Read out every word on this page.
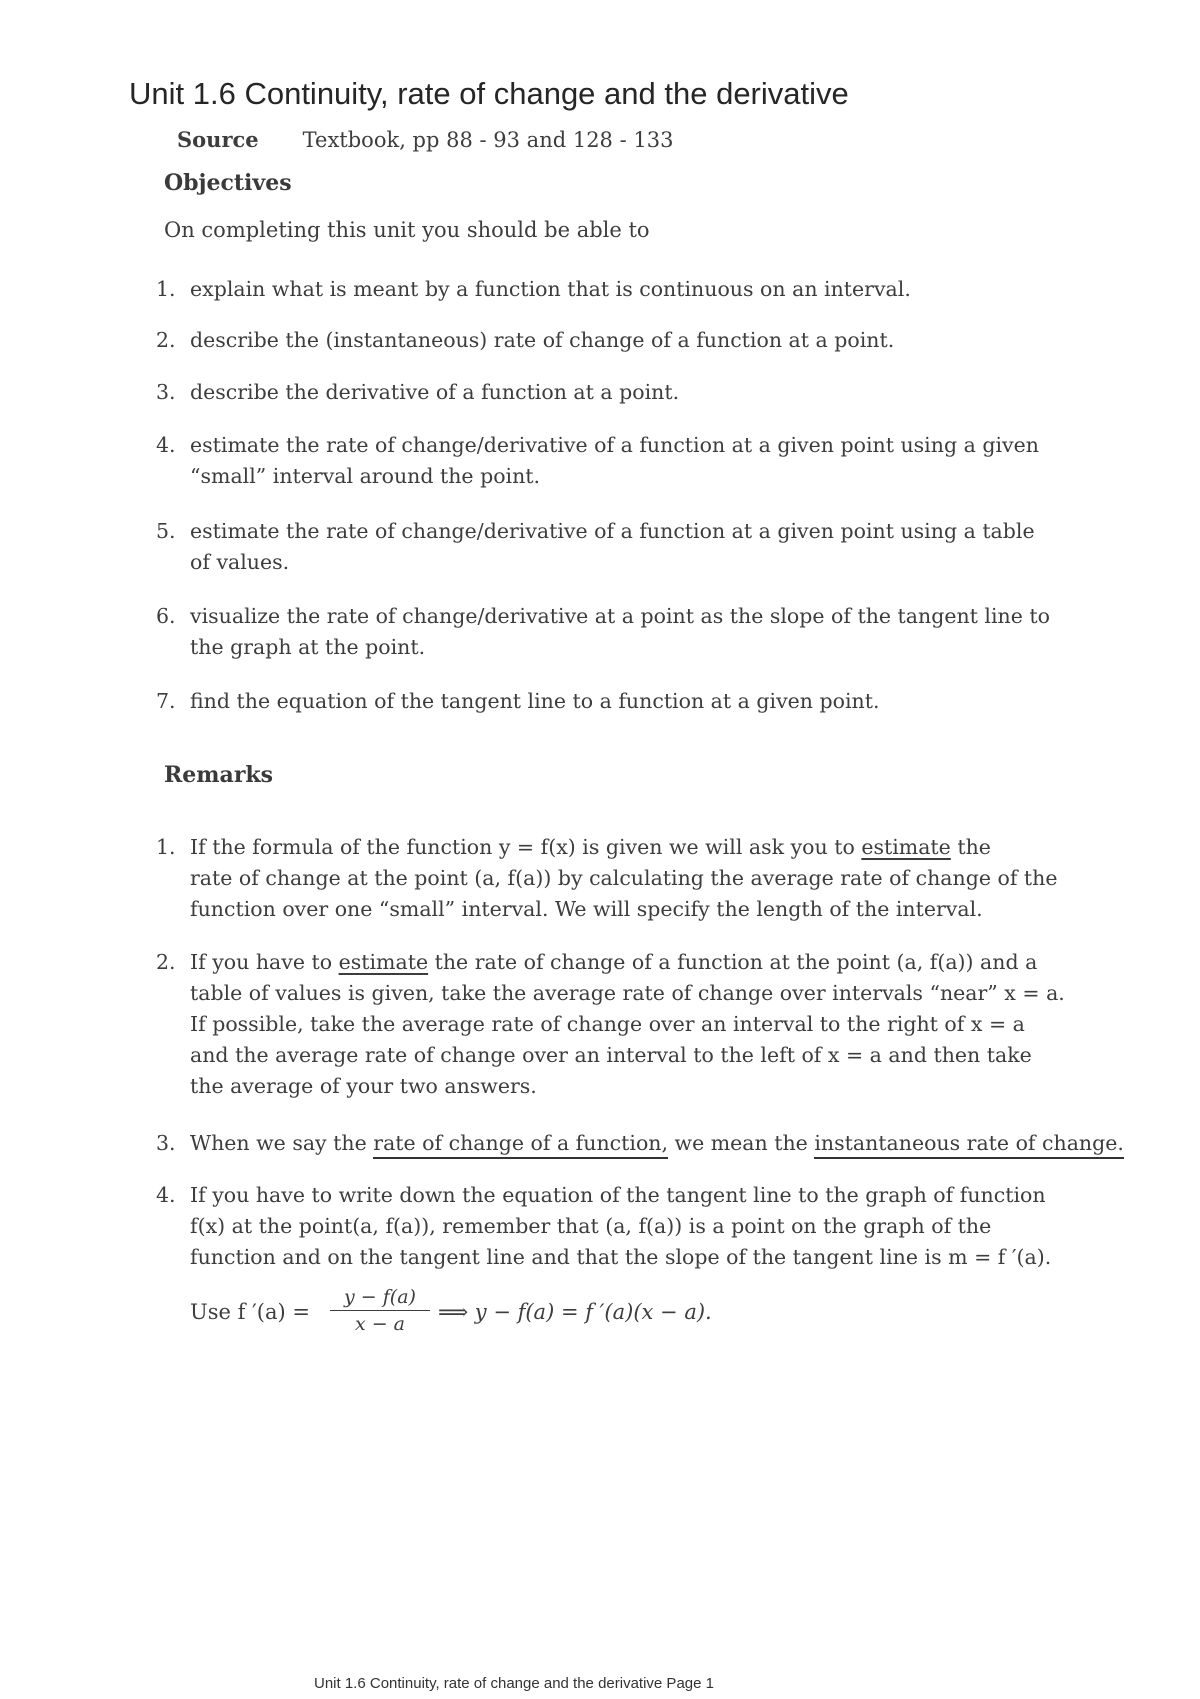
Unit 1.6 Continuity, rate of change and the derivative
Source Textbook, pp 88 - 93 and 128 - 133
Objectives
On completing this unit you should be able to
1. explain what is meant by a function that is continuous on an interval.
2. describe the (instantaneous) rate of change of a function at a point.
3. describe the derivative of a function at a point.
4. estimate the rate of change/derivative of a function at a given point using a given
“small” interval around the point.
5. estimate the rate of change/derivative of a function at a given point using a table
of values.
6. visualize the rate of change/derivative at a point as the slope of the tangent line to
the graph at the point.
7. find the equation of the tangent line to a function at a given point.
Remarks
1. If the formula of the function y = f(x) is given we will ask you to estimate the
rate of change at the point (a, f(a)) by calculating the average rate of change of the
function over one “small” interval. We will specify the length of the interval.
2. If you have to estimate the rate of change of a function at the point (a, f(a)) and a
table of values is given, take the average rate of change over intervals “near” x = a.
If possible, take the average rate of change over an interval to the right of x = a
and the average rate of change over an interval to the left of x = a and then take
the average of your two answers.
3. When we say the rate of change of a function, we mean the instantaneous rate of change.
4. If you have to write down the equation of the tangent line to the graph of function
f(x) at the point(a, f(a)), remember that (a, f(a)) is a point on the graph of the
function and on the tangent line and that the slope of the tangent line is m = f ′(a).
Use f $'(a) = \frac{y - f(a)}{x - a}$ ⟹ y − f(a) = f ′(a)(x − a).
Unit 1.6 Continuity, rate of change and the derivative Page 1
